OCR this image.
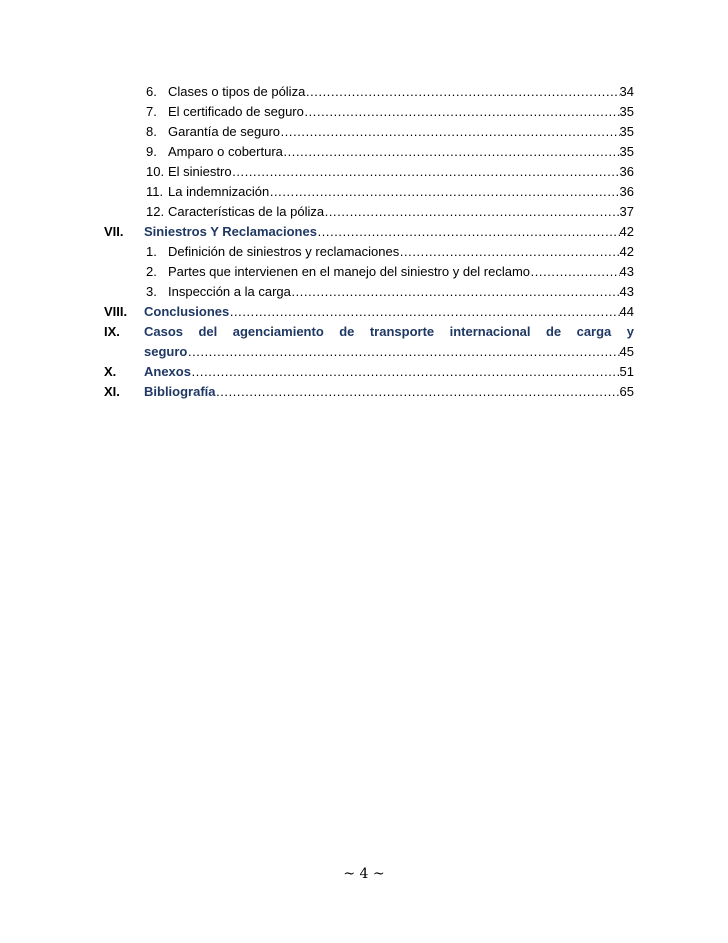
6. Clases o tipos de póliza ………………………………………………………………………………………………………………………………………………	34
7. El certificado de seguro ………………………………………………………………………………………………………………………………………………	35
8. Garantía de seguro ………………………………………………………………………………………………………………………………………………	35
9. Amparo o cobertura ………………………………………………………………………………………………………………………………………………	35
10. El siniestro ………………………………………………………………………………………………………………………………………………	36
11. La indemnización ………………………………………………………………………………………………………………………………………………	36
12. Características de la póliza ………………………………………………………………………………………………………………………………………………	37
VII.	Siniestros Y Reclamaciones ………………………………………………………………………………………………………………………………………………	42
1. Definición de siniestros y reclamaciones ………………………………………………………………………………………………………………………………………………	42
2. Partes que intervienen en el manejo del siniestro y del reclamo ………………………………………………………………………………………………………………………………………………	43
3. Inspección a la carga ………………………………………………………………………………………………………………………………………………	43
VIII.	Conclusiones ………………………………………………………………………………………………………………………………………………	44
IX.	Casos del agenciamiento de transporte internacional de carga y
seguro ………………………………………………………………………………………………………………………………………………	45
X.	Anexos ………………………………………………………………………………………………………………………………………………	51
XI.	Bibliografía ………………………………………………………………………………………………………………………………………………	65
~ 4 ~
